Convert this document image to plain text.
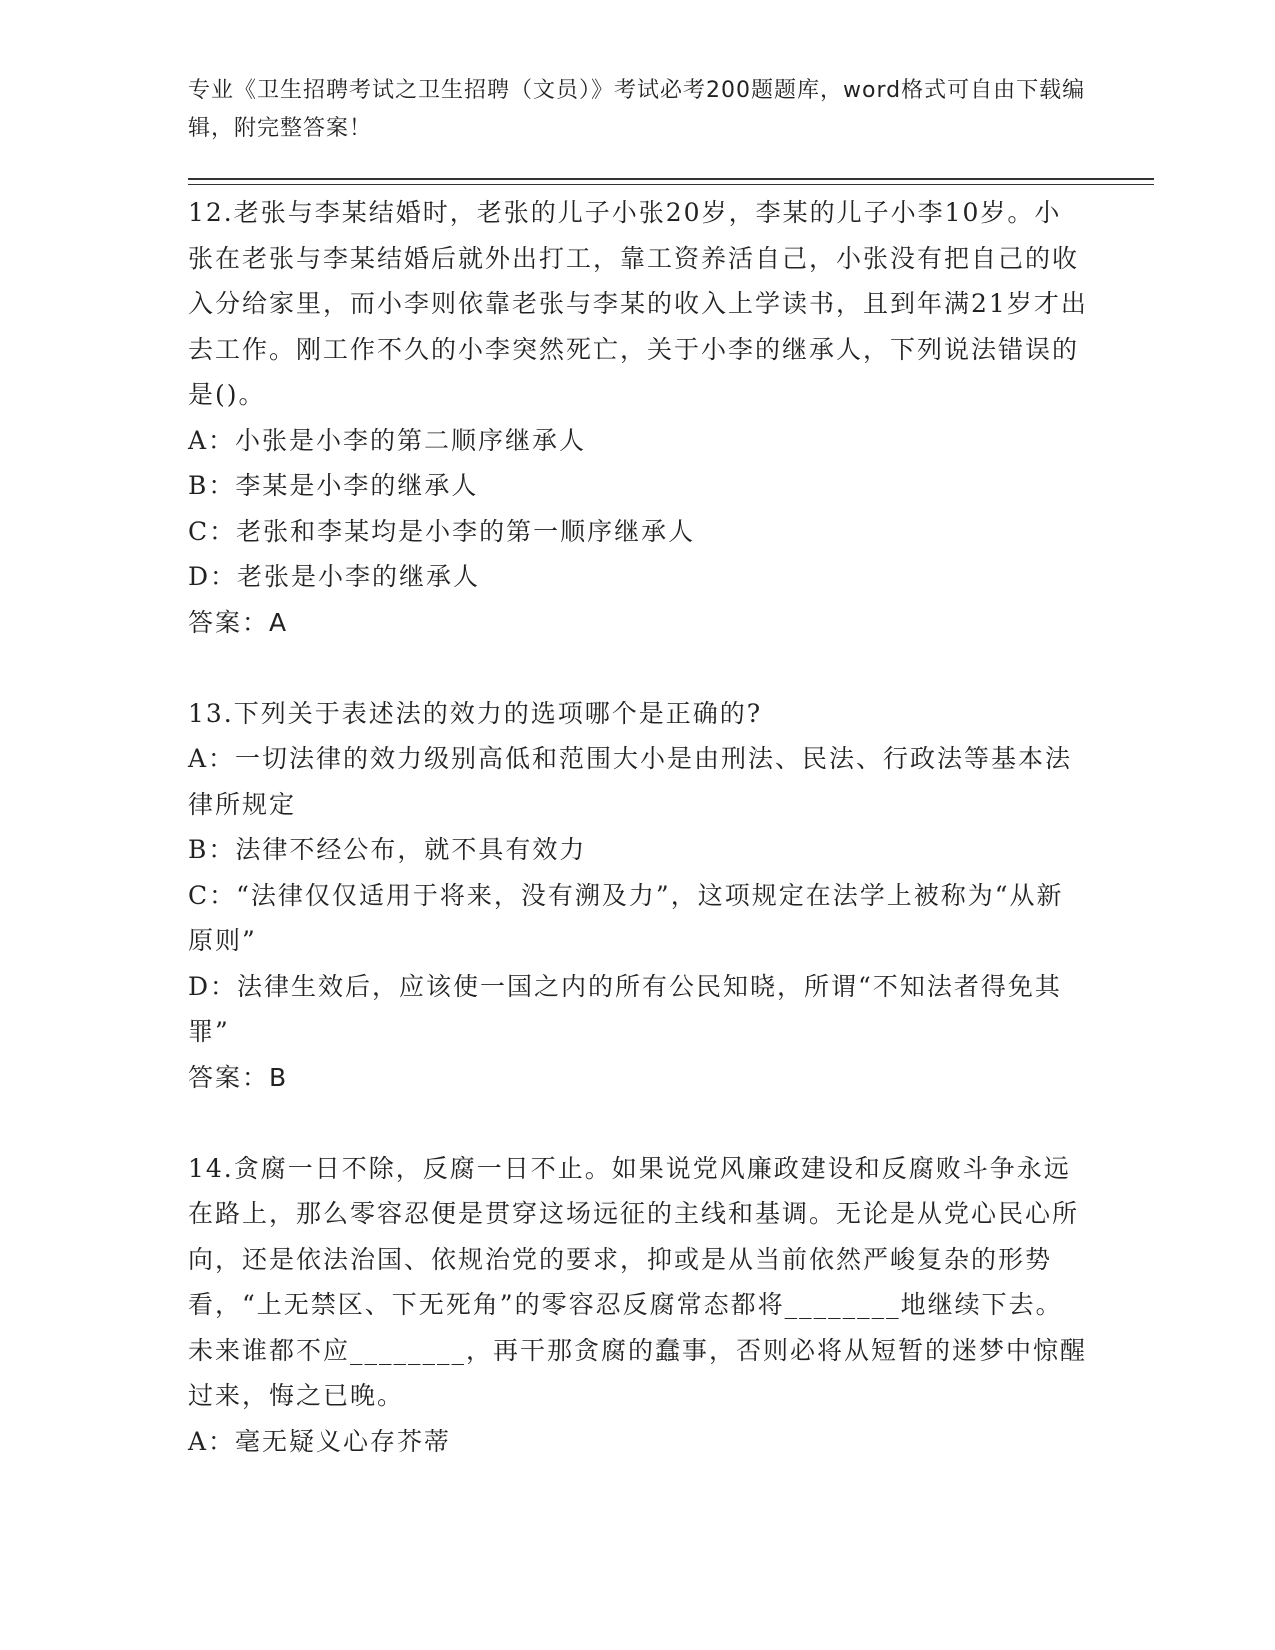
专业《卫生招聘考试之卫生招聘（文员）》考试必考200题题库，word格式可自由下载编辑，附完整答案！

12.老张与李某结婚时，老张的儿子小张20岁，李某的儿子小李10岁。小张在老张与李某结婚后就外出打工，靠工资养活自己，小张没有把自己的收入分给家里，而小李则依靠老张与李某的收入上学读书，且到年满21岁才出去工作。刚工作不久的小李突然死亡，关于小李的继承人，下列说法错误的是()。

A：小张是小李的第二顺序继承人

B：李某是小李的继承人

C：老张和李某均是小李的第一顺序继承人

D：老张是小李的继承人

答案：A

13.下列关于表述法的效力的选项哪个是正确的?

A：一切法律的效力级别高低和范围大小是由刑法、民法、行政法等基本法律所规定

B：法律不经公布，就不具有效力

C：“法律仅仅适用于将来，没有溯及力”，这项规定在法学上被称为“从新原则”

D：法律生效后，应该使一国之内的所有公民知晓，所谓“不知法者得免其罪”

答案：B

14.贪腐一日不除，反腐一日不止。如果说党风廉政建设和反腐败斗争永远在路上，那么零容忍便是贯穿这场远征的主线和基调。无论是从党心民心所向，还是依法治国、依规治党的要求，抑或是从当前依然严峻复杂的形势看，“上无禁区、下无死角”的零容忍反腐常态都将________地继续下去。未来谁都不应________，再干那贪腐的蠢事，否则必将从短暂的迷梦中惊醒过来，悔之已晚。

A：毫无疑义心存芥蒂
